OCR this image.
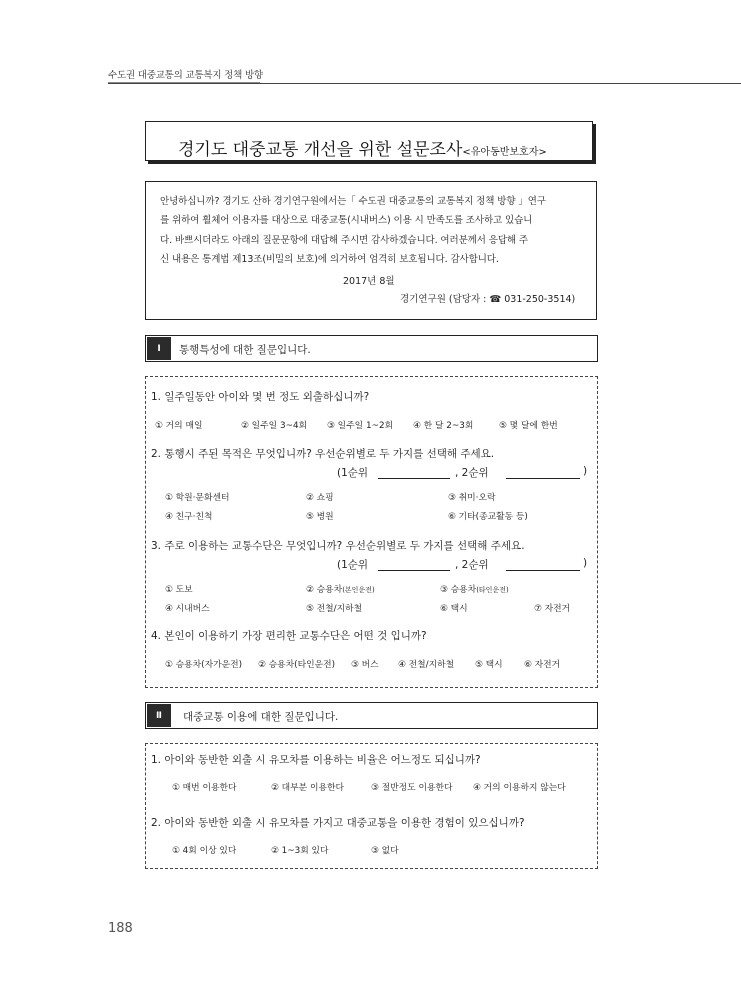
수도권 대중교통의 교통복지 정책 방향
경기도 대중교통 개선을 위한 설문조사<유아동반보호자>
안녕하십니까? 경기도 산하 경기연구원에서는「 수도권 대중교통의 교통복지 정책 방향 」연구
를 위하여 휠체어 이용자를 대상으로 대중교통(시내버스) 이용 시 만족도를 조사하고 있습니
다. 바쁘시더라도 아래의 질문문항에 대답해 주시면 감사하겠습니다. 여러분께서 응답해 주
신 내용은 통계법 제13조(비밀의 보호)에 의거하여 엄격히 보호됩니다. 감사합니다.
2017년 8월
경기연구원 (담당자 : ☎ 031-250-3514)
Ⅰ	통행특성에 대한 질문입니다.
1. 일주일동안 아이와 몇 번 정도 외출하십니까?
① 거의 매일	② 일주일 3~4회 ③ 일주일 1~2회 ④ 한 달 2~3회	⑤ 몇 달에 한번
2. 통행시 주된 목적은 무엇입니까? 우선순위별로 두 가지를 선택해 주세요.
(1순위	, 2순위	)
① 학원·문화센터	② 쇼핑	③ 취미·오락
④ 친구·친척	⑤ 병원	⑥ 기타(종교활동 등)
3. 주로 이용하는 교통수단은 무엇입니까? 우선순위별로 두 가지를 선택해 주세요.
(1순위	, 2순위	)
① 도보	② 승용차(본인운전)	③ 승용차(타인운전)
④ 시내버스	⑤ 전철/지하철	⑥ 택시	⑦ 자전거
4. 본인이 이용하기 가장 편리한 교통수단은 어떤 것 입니까?
① 승용차(자가운전) ② 승용차(타인운전) ③ 버스 ④ 전철/지하철 ⑤ 택시 ⑥ 자전거
Ⅱ	대중교통 이용에 대한 질문입니다.
1. 아이와 동반한 외출 시 유모차를 이용하는 비율은 어느정도 되십니까?
① 매번 이용한다	② 대부분 이용한다	③ 절반정도 이용한다 ④ 거의 이용하지 않는다
2. 아이와 동반한 외출 시 유모차를 가지고 대중교통을 이용한 경험이 있으십니까?
① 4회 이상 있다	② 1~3회 있다	③ 없다
188
